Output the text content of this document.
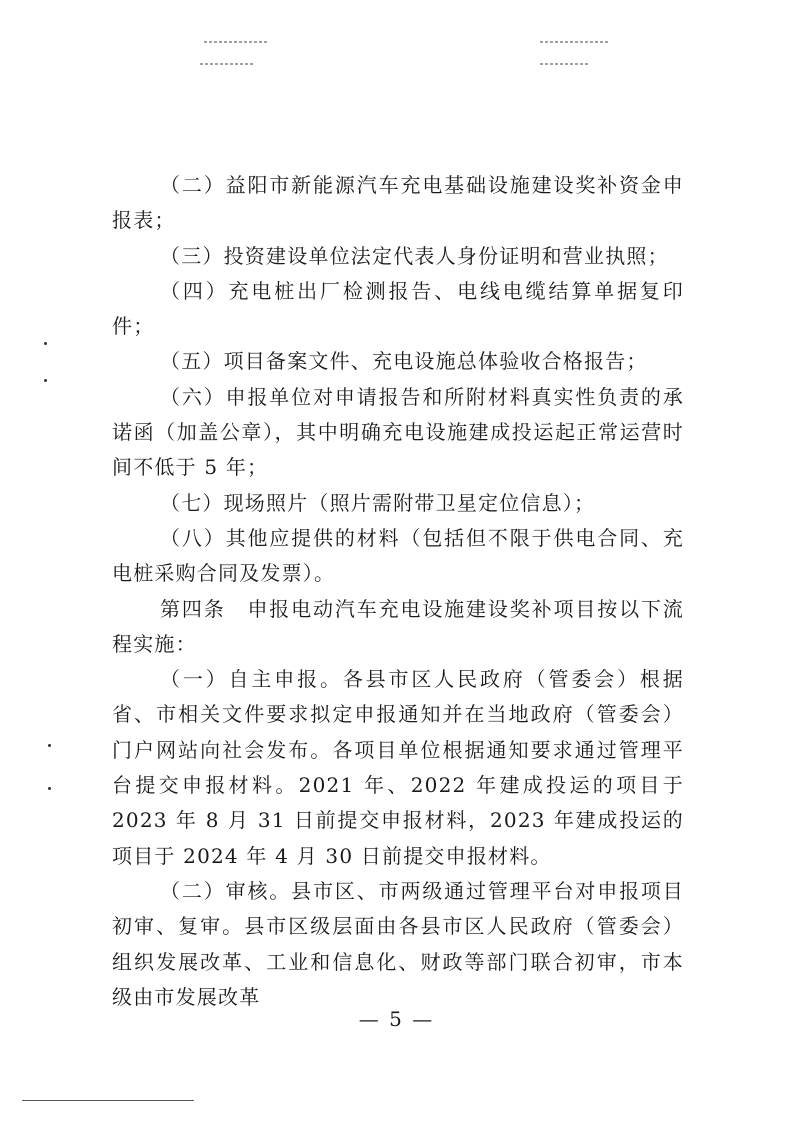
（二）益阳市新能源汽车充电基础设施建设奖补资金申报表；

（三）投资建设单位法定代表人身份证明和营业执照；

（四）充电桩出厂检测报告、电线电缆结算单据复印件；

（五）项目备案文件、充电设施总体验收合格报告；

（六）申报单位对申请报告和所附材料真实性负责的承诺函（加盖公章），其中明确充电设施建成投运起正常运营时间不低于 5 年；

（七）现场照片（照片需附带卫星定位信息）；

（八）其他应提供的材料（包括但不限于供电合同、充电桩采购合同及发票）。

第四条　申报电动汽车充电设施建设奖补项目按以下流程实施：

（一）自主申报。各县市区人民政府（管委会）根据省、市相关文件要求拟定申报通知并在当地政府（管委会）门户网站向社会发布。各项目单位根据通知要求通过管理平台提交申报材料。2021 年、2022 年建成投运的项目于 2023 年 8 月 31 日前提交申报材料，2023 年建成投运的项目于 2024 年 4 月 30 日前提交申报材料。

（二）审核。县市区、市两级通过管理平台对申报项目初审、复审。县市区级层面由各县市区人民政府（管委会）组织发展改革、工业和信息化、财政等部门联合初审，市本级由市发展改革

— 5 —
